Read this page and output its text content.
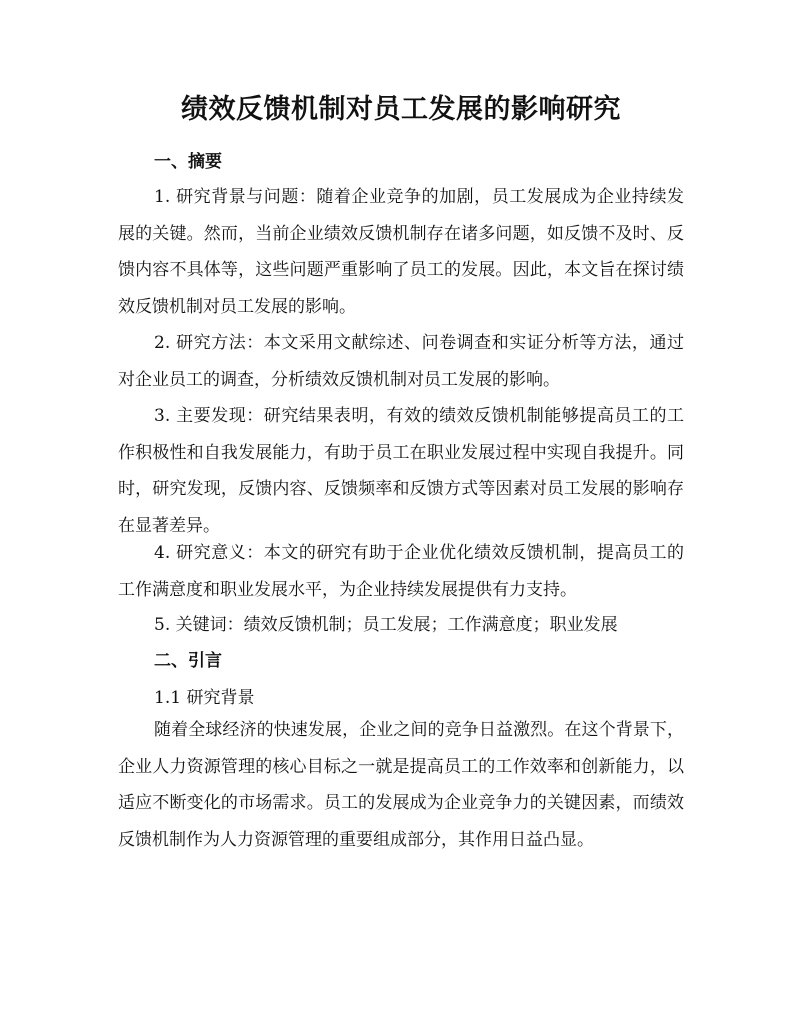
绩效反馈机制对员工发展的影响研究
一、摘要

1. 研究背景与问题：随着企业竞争的加剧，员工发展成为企业持续发展的关键。然而，当前企业绩效反馈机制存在诸多问题，如反馈不及时、反馈内容不具体等，这些问题严重影响了员工的发展。因此，本文旨在探讨绩效反馈机制对员工发展的影响。

2. 研究方法：本文采用文献综述、问卷调查和实证分析等方法，通过对企业员工的调查，分析绩效反馈机制对员工发展的影响。

3. 主要发现：研究结果表明，有效的绩效反馈机制能够提高员工的工作积极性和自我发展能力，有助于员工在职业发展过程中实现自我提升。同时，研究发现，反馈内容、反馈频率和反馈方式等因素对员工发展的影响存在显著差异。

4. 研究意义：本文的研究有助于企业优化绩效反馈机制，提高员工的工作满意度和职业发展水平，为企业持续发展提供有力支持。

5. 关键词：绩效反馈机制；员工发展；工作满意度；职业发展

二、引言

1.1 研究背景

随着全球经济的快速发展，企业之间的竞争日益激烈。在这个背景下，企业人力资源管理的核心目标之一就是提高员工的工作效率和创新能力，以适应不断变化的市场需求。员工的发展成为企业竞争力的关键因素，而绩效反馈机制作为人力资源管理的重要组成部分，其作用日益凸显。
